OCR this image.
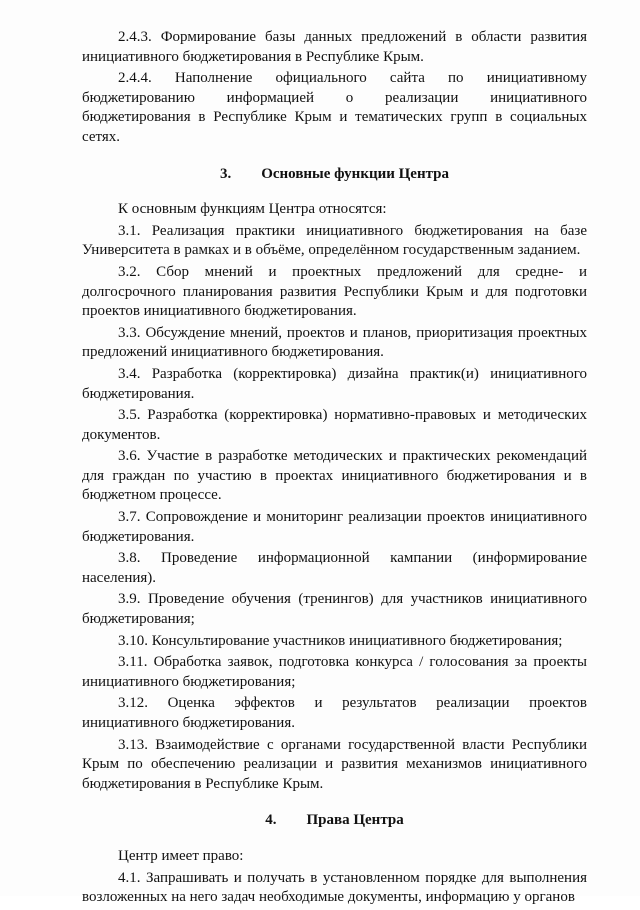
2.4.3. Формирование базы данных предложений в области развития инициативного бюджетирования в Республике Крым.

2.4.4. Наполнение официального сайта по инициативному бюджетированию информацией о реализации инициативного бюджетирования в Республике Крым и тематических групп в социальных сетях.

3. Основные функции Центра

К основным функциям Центра относятся:

3.1. Реализация практики инициативного бюджетирования на базе Университета в рамках и в объёме, определённом государственным заданием.

3.2. Сбор мнений и проектных предложений для средне- и долгосрочного планирования развития Республики Крым и для подготовки проектов инициативного бюджетирования.

3.3. Обсуждение мнений, проектов и планов, приоритизация проектных предложений инициативного бюджетирования.

3.4. Разработка (корректировка) дизайна практик(и) инициативного бюджетирования.

3.5. Разработка (корректировка) нормативно-правовых и методических документов.

3.6. Участие в разработке методических и практических рекомендаций для граждан по участию в проектах инициативного бюджетирования и в бюджетном процессе.

3.7. Сопровождение и мониторинг реализации проектов инициативного бюджетирования.

3.8. Проведение информационной кампании (информирование населения).

3.9. Проведение обучения (тренингов) для участников инициативного бюджетирования;

3.10. Консультирование участников инициативного бюджетирования;

3.11. Обработка заявок, подготовка конкурса / голосования за проекты инициативного бюджетирования;

3.12. Оценка эффектов и результатов реализации проектов инициативного бюджетирования.

3.13. Взаимодействие с органами государственной власти Республики Крым по обеспечению реализации и развития механизмов инициативного бюджетирования в Республике Крым.

4. Права Центра

Центр имеет право:

4.1. Запрашивать и получать в установленном порядке для выполнения возложенных на него задач необходимые документы, информацию у органов
